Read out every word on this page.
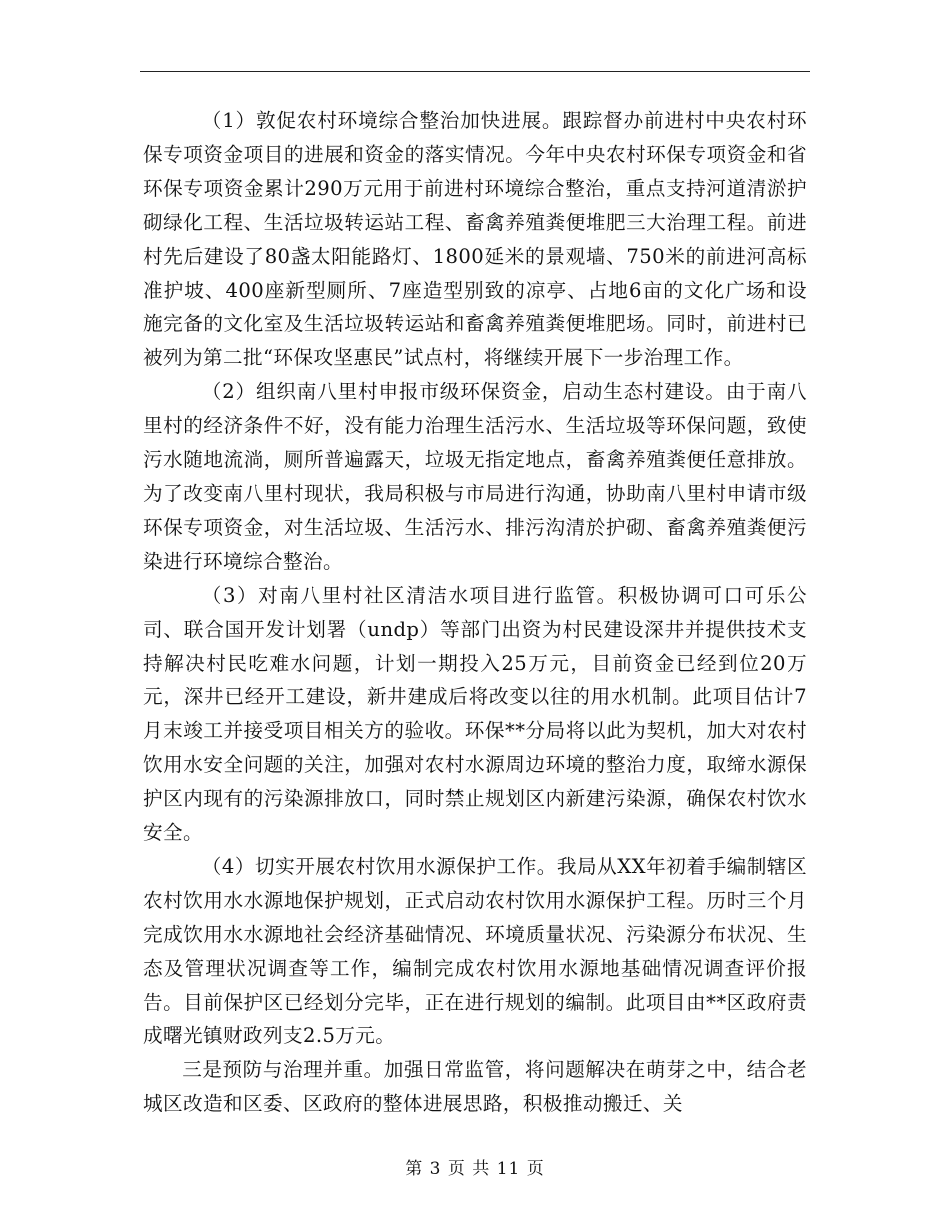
（1）敦促农村环境综合整治加快进展。跟踪督办前进村中央农村环保专项资金项目的进展和资金的落实情况。今年中央农村环保专项资金和省环保专项资金累计290万元用于前进村环境综合整治，重点支持河道清淤护砌绿化工程、生活垃圾转运站工程、畜禽养殖粪便堆肥三大治理工程。前进村先后建设了80盏太阳能路灯、1800延米的景观墙、750米的前进河高标准护坡、400座新型厕所、7座造型别致的凉亭、占地6亩的文化广场和设施完备的文化室及生活垃圾转运站和畜禽养殖粪便堆肥场。同时，前进村已被列为第二批“环保攻坚惠民”试点村，将继续开展下一步治理工作。

（2）组织南八里村申报市级环保资金，启动生态村建设。由于南八里村的经济条件不好，没有能力治理生活污水、生活垃圾等环保问题，致使污水随地流淌，厕所普遍露天，垃圾无指定地点，畜禽养殖粪便任意排放。为了改变南八里村现状，我局积极与市局进行沟通，协助南八里村申请市级环保专项资金，对生活垃圾、生活污水、排污沟清於护砌、畜禽养殖粪便污染进行环境综合整治。

（3）对南八里村社区清洁水项目进行监管。积极协调可口可乐公司、联合国开发计划署（undp）等部门出资为村民建设深井并提供技术支持解决村民吃难水问题，计划一期投入25万元，目前资金已经到位20万元，深井已经开工建设，新井建成后将改变以往的用水机制。此项目估计7月末竣工并接受项目相关方的验收。环保**分局将以此为契机，加大对农村饮用水安全问题的关注，加强对农村水源周边环境的整治力度，取缔水源保护区内现有的污染源排放口，同时禁止规划区内新建污染源，确保农村饮水安全。

（4）切实开展农村饮用水源保护工作。我局从XX年初着手编制辖区农村饮用水水源地保护规划，正式启动农村饮用水源保护工程。历时三个月完成饮用水水源地社会经济基础情况、环境质量状况、污染源分布状况、生态及管理状况调查等工作，编制完成农村饮用水源地基础情况调查评价报告。目前保护区已经划分完毕，正在进行规划的编制。此项目由**区政府责成曙光镇财政列支2.5万元。

三是预防与治理并重。加强日常监管，将问题解决在萌芽之中，结合老城区改造和区委、区政府的整体进展思路，积极推动搬迁、关

第 3 页 共 11 页
